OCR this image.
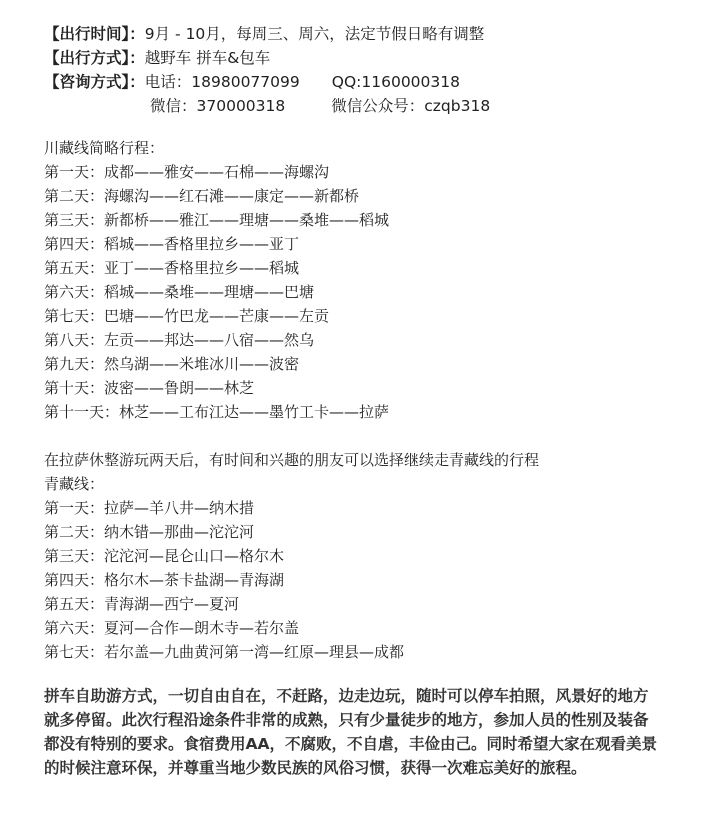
【出行时间】：9月 - 10月，每周三、周六，法定节假日略有调整
【出行方式】：越野车 拼车&包车
【咨询方式】：电话：18980077099 QQ:1160000318
微信：370000318	微信公众号：czqb318
川藏线简略行程：
第一天：成都——雅安——石棉——海螺沟
第二天：海螺沟——红石滩——康定——新都桥
第三天：新都桥——雅江——理塘——桑堆——稻城
第四天：稻城——香格里拉乡——亚丁
第五天：亚丁——香格里拉乡——稻城
第六天：稻城——桑堆——理塘——巴塘
第七天：巴塘——竹巴龙——芒康——左贡
第八天：左贡——邦达——八宿——然乌
第九天：然乌湖——米堆冰川——波密
第十天：波密——鲁朗——林芝
第十一天：林芝——工布江达——墨竹工卡——拉萨
在拉萨休整游玩两天后，有时间和兴趣的朋友可以选择继续走青藏线的行程
青藏线：
第一天：拉萨—羊八井—纳木措
第二天：纳木错—那曲—沱沱河
第三天：沱沱河—昆仑山口—格尔木
第四天：格尔木—茶卡盐湖—青海湖
第五天：青海湖—西宁—夏河
第六天：夏河—合作—朗木寺—若尔盖
第七天：若尔盖—九曲黄河第一湾—红原—理县—成都
拼车自助游方式，一切自由自在，不赶路，边走边玩，随时可以停车拍照，风景好的地方
就多停留。此次行程沿途条件非常的成熟，只有少量徒步的地方，参加人员的性别及装备
都没有特别的要求。食宿费用AA，不腐败，不自虐，丰俭由己。同时希望大家在观看美景
的时候注意环保，并尊重当地少数民族的风俗习惯，获得一次难忘美好的旅程。
